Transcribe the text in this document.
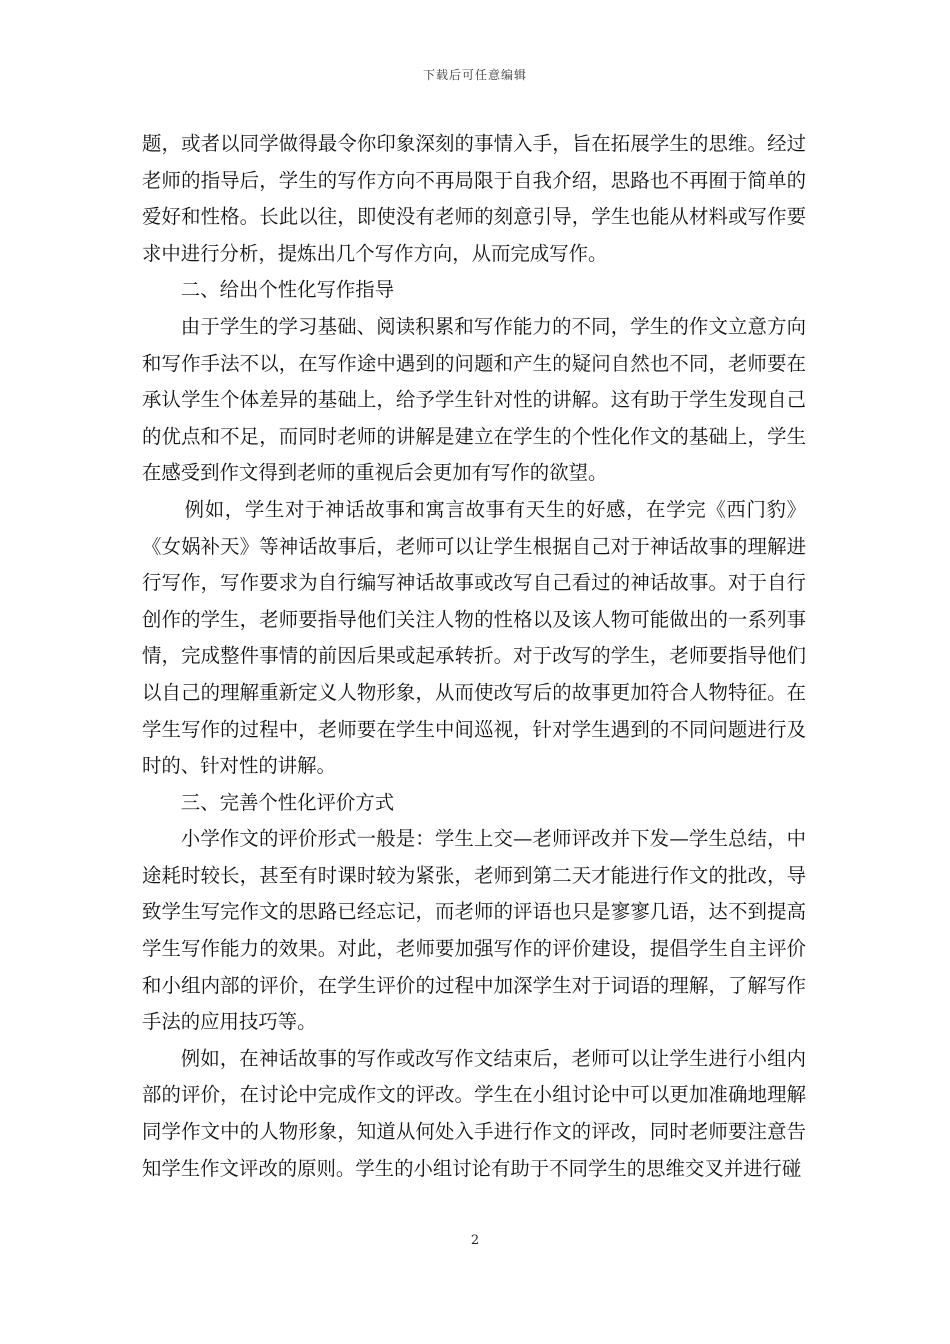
下载后可任意编辑

题，或者以同学做得最令你印象深刻的事情入手，旨在拓展学生的思维。经过老师的指导后，学生的写作方向不再局限于自我介绍，思路也不再囿于简单的爱好和性格。长此以往，即使没有老师的刻意引导，学生也能从材料或写作要求中进行分析，提炼出几个写作方向，从而完成写作。

二、给出个性化写作指导

由于学生的学习基础、阅读积累和写作能力的不同，学生的作文立意方向和写作手法不以，在写作途中遇到的问题和产生的疑问自然也不同，老师要在承认学生个体差异的基础上，给予学生针对性的讲解。这有助于学生发现自己的优点和不足，而同时老师的讲解是建立在学生的个性化作文的基础上，学生在感受到作文得到老师的重视后会更加有写作的欲望。

例如，学生对于神话故事和寓言故事有天生的好感，在学完《西门豹》《女娲补天》等神话故事后，老师可以让学生根据自己对于神话故事的理解进行写作，写作要求为自行编写神话故事或改写自己看过的神话故事。对于自行创作的学生，老师要指导他们关注人物的性格以及该人物可能做出的一系列事情，完成整件事情的前因后果或起承转折。对于改写的学生，老师要指导他们以自己的理解重新定义人物形象，从而使改写后的故事更加符合人物特征。在学生写作的过程中，老师要在学生中间巡视，针对学生遇到的不同问题进行及时的、针对性的讲解。

三、完善个性化评价方式

小学作文的评价形式一般是：学生上交—老师评改并下发—学生总结，中途耗时较长，甚至有时课时较为紧张，老师到第二天才能进行作文的批改，导致学生写完作文的思路已经忘记，而老师的评语也只是寥寥几语，达不到提高学生写作能力的效果。对此，老师要加强写作的评价建设，提倡学生自主评价和小组内部的评价，在学生评价的过程中加深学生对于词语的理解，了解写作手法的应用技巧等。

例如，在神话故事的写作或改写作文结束后，老师可以让学生进行小组内部的评价，在讨论中完成作文的评改。学生在小组讨论中可以更加准确地理解同学作文中的人物形象，知道从何处入手进行作文的评改，同时老师要注意告知学生作文评改的原则。学生的小组讨论有助于不同学生的思维交叉并进行碰

2
